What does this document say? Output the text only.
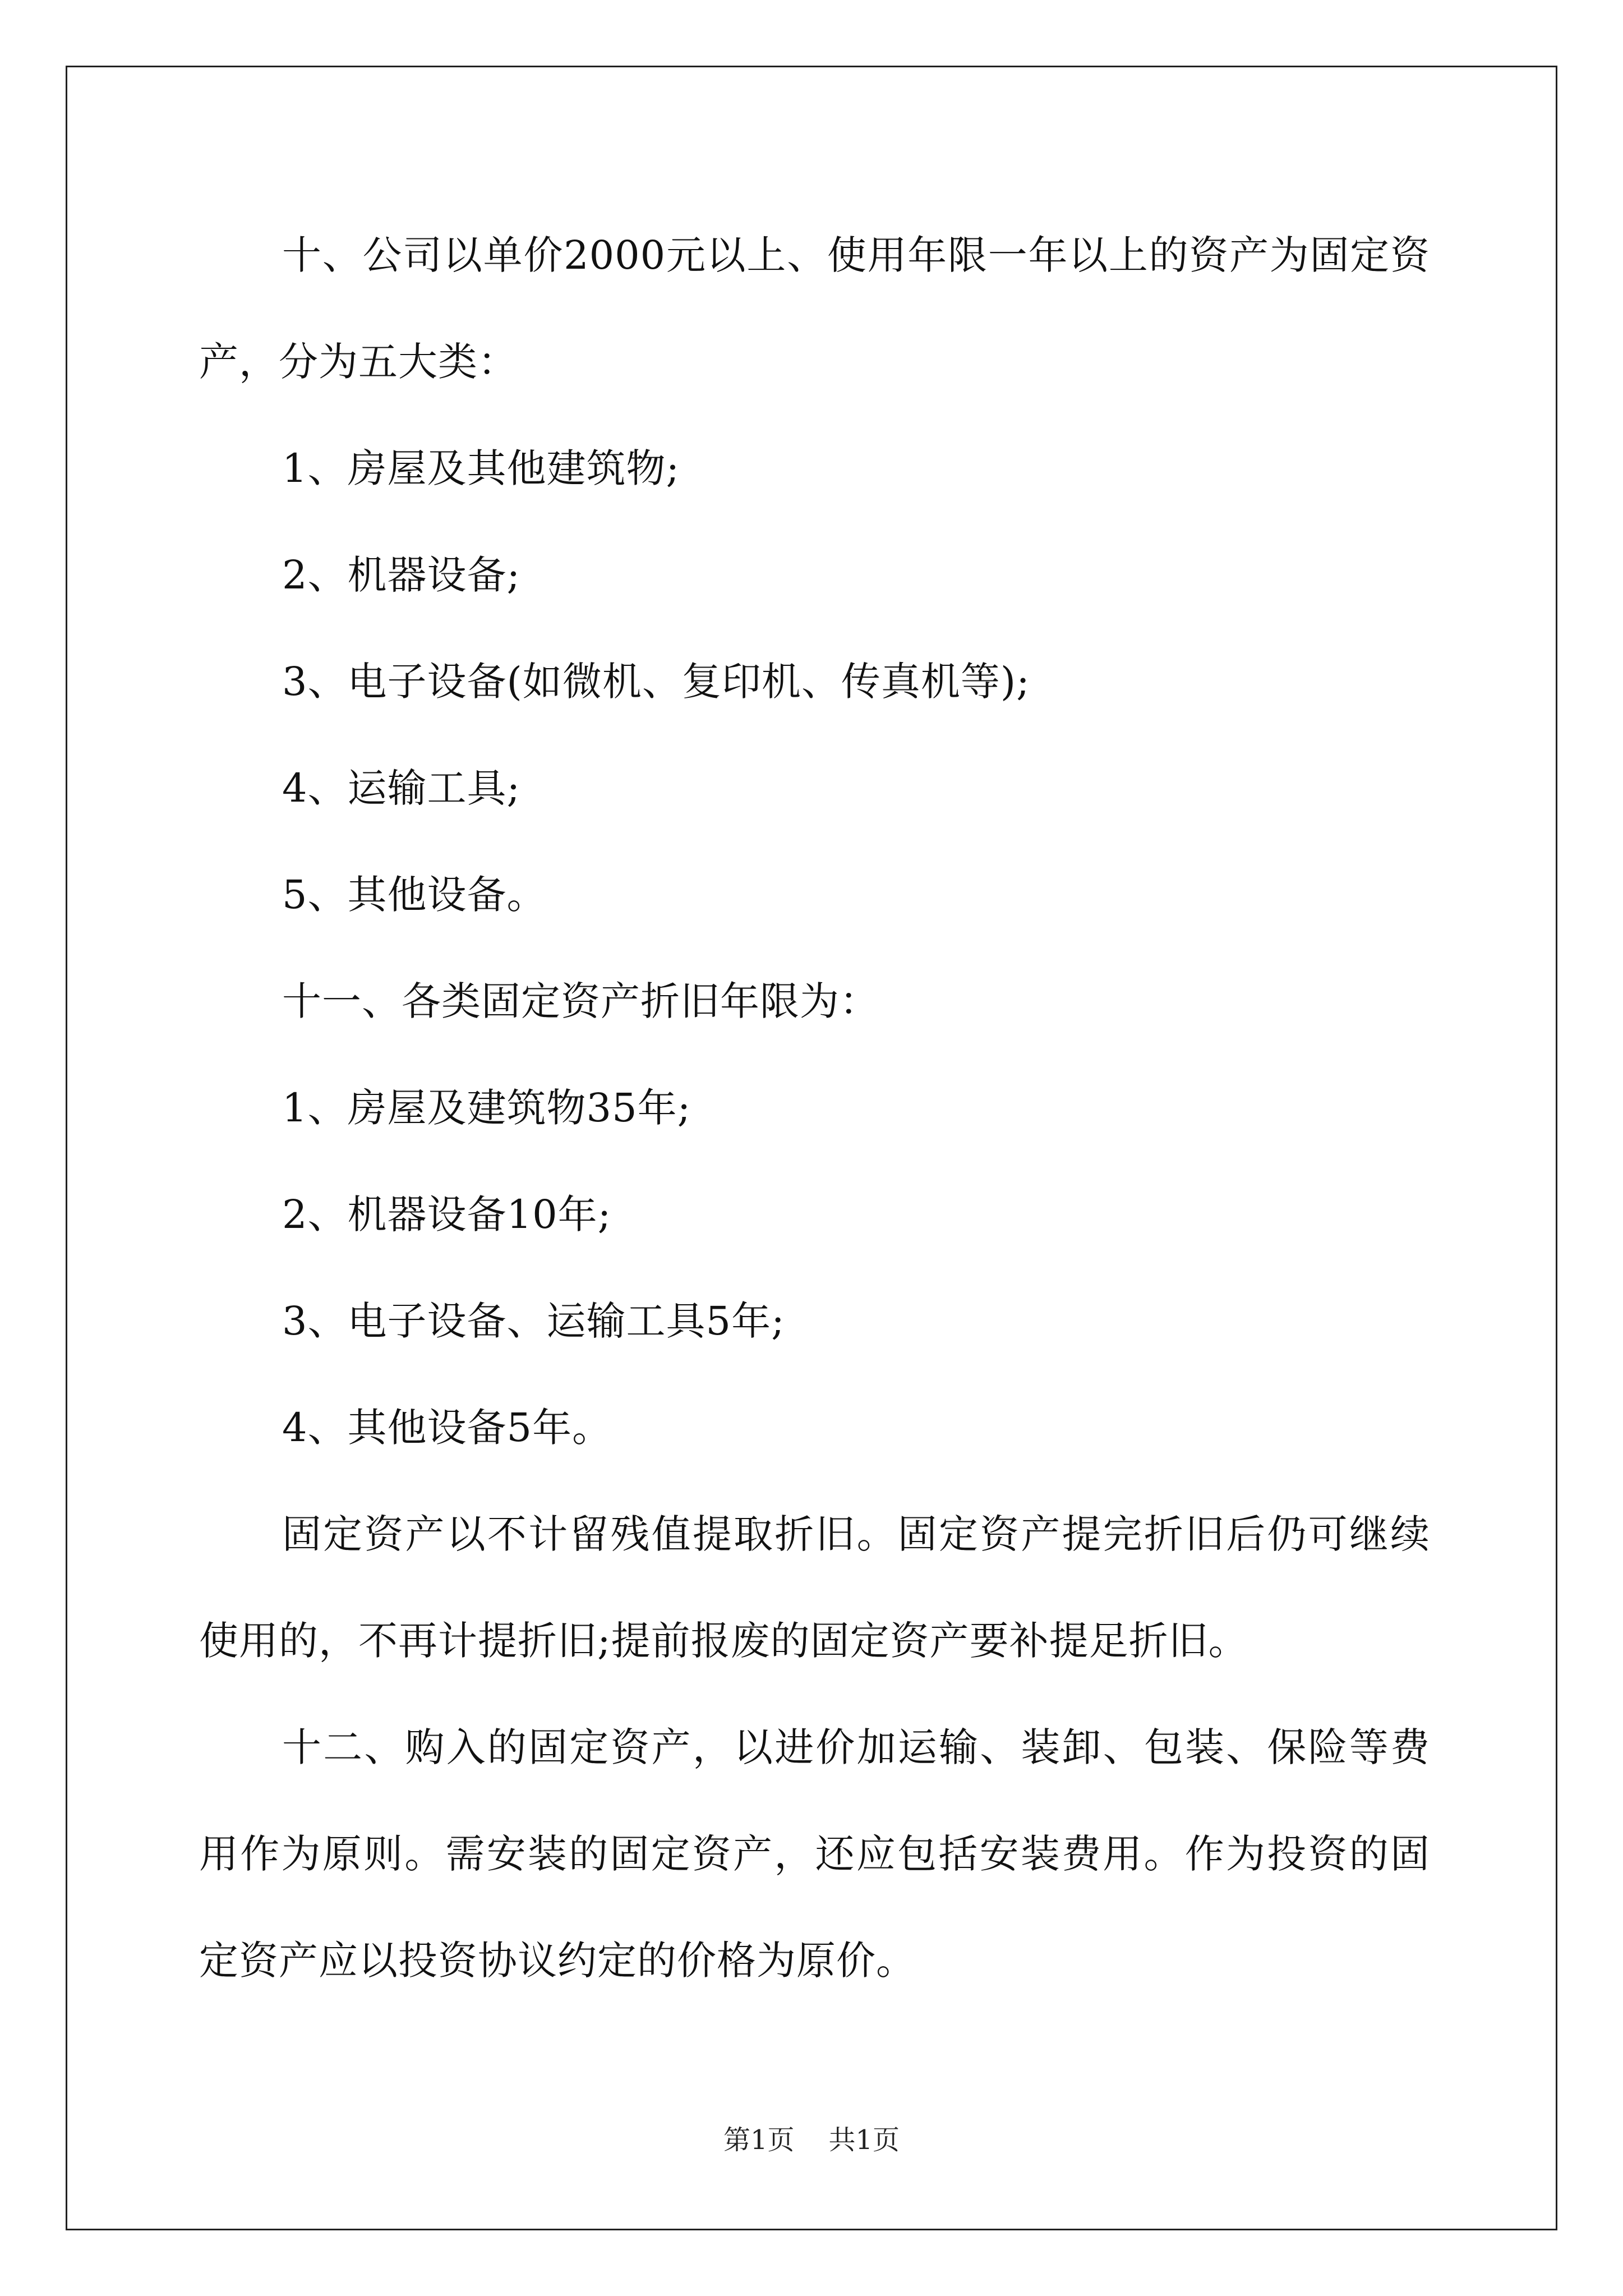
十、公司以单价2000元以上、使用年限一年以上的资产为固定资产，分为五大类：

1、房屋及其他建筑物;

2、机器设备;

3、电子设备(如微机、复印机、传真机等);

4、运输工具;

5、其他设备。

十一、各类固定资产折旧年限为：

1、房屋及建筑物35年;

2、机器设备10年;

3、电子设备、运输工具5年;

4、其他设备5年。

固定资产以不计留残值提取折旧。固定资产提完折旧后仍可继续使用的，不再计提折旧;提前报废的固定资产要补提足折旧。

十二、购入的固定资产，以进价加运输、装卸、包装、保险等费用作为原则。需安装的固定资产，还应包括安装费用。作为投资的固定资产应以投资协议约定的价格为原价。

第1页 共1页
